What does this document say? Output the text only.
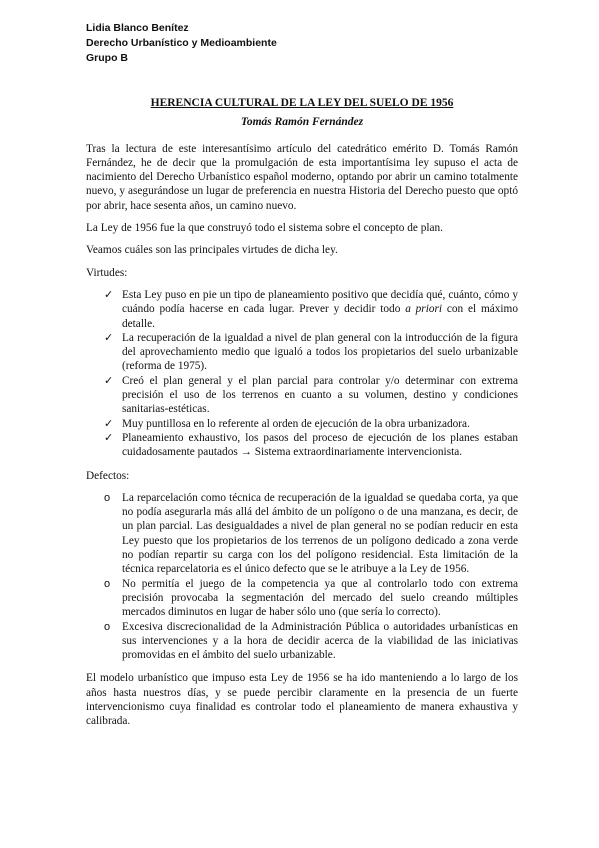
Lidia Blanco Benítez
Derecho Urbanístico y Medioambiente
Grupo B
HERENCIA CULTURAL DE LA LEY DEL SUELO DE 1956
Tomás Ramón Fernández

Tras la lectura de este interesantísimo artículo del catedrático emérito D. Tomás Ramón Fernández, he de decir que la promulgación de esta importantísima ley supuso el acta de nacimiento del Derecho Urbanístico español moderno, optando por abrir un camino totalmente nuevo, y asegurándose un lugar de preferencia en nuestra Historia del Derecho puesto que optó por abrir, hace sesenta años, un camino nuevo.

La Ley de 1956 fue la que construyó todo el sistema sobre el concepto de plan.

Veamos cuáles son las principales virtudes de dicha ley.

Virtudes:

✓ Esta Ley puso en pie un tipo de planeamiento positivo que decidía qué, cuánto, cómo y cuándo podía hacerse en cada lugar. Prever y decidir todo a priori con el máximo detalle.
✓ La recuperación de la igualdad a nivel de plan general con la introducción de la figura del aprovechamiento medio que igualó a todos los propietarios del suelo urbanizable (reforma de 1975).
✓ Creó el plan general y el plan parcial para controlar y/o determinar con extrema precisión el uso de los terrenos en cuanto a su volumen, destino y condiciones sanitarias-estéticas.
✓ Muy puntillosa en lo referente al orden de ejecución de la obra urbanizadora.
✓ Planeamiento exhaustivo, los pasos del proceso de ejecución de los planes estaban cuidadosamente pautados → Sistema extraordinariamente intervencionista.

Defectos:

o La reparcelación como técnica de recuperación de la igualdad se quedaba corta, ya que no podía asegurarla más allá del ámbito de un polígono o de una manzana, es decir, de un plan parcial. Las desigualdades a nivel de plan general no se podían reducir en esta Ley puesto que los propietarios de los terrenos de un polígono dedicado a zona verde no podían repartir su carga con los del polígono residencial. Esta limitación de la técnica reparcelatoria es el único defecto que se le atribuye a la Ley de 1956.
o No permitía el juego de la competencia ya que al controlarlo todo con extrema precisión provocaba la segmentación del mercado del suelo creando múltiples mercados diminutos en lugar de haber sólo uno (que sería lo correcto).
o Excesiva discrecionalidad de la Administración Pública o autoridades urbanísticas en sus intervenciones y a la hora de decidir acerca de la viabilidad de las iniciativas promovidas en el ámbito del suelo urbanizable.

El modelo urbanístico que impuso esta Ley de 1956 se ha ido manteniendo a lo largo de los años hasta nuestros días, y se puede percibir claramente en la presencia de un fuerte intervencionismo cuya finalidad es controlar todo el planeamiento de manera exhaustiva y calibrada.
